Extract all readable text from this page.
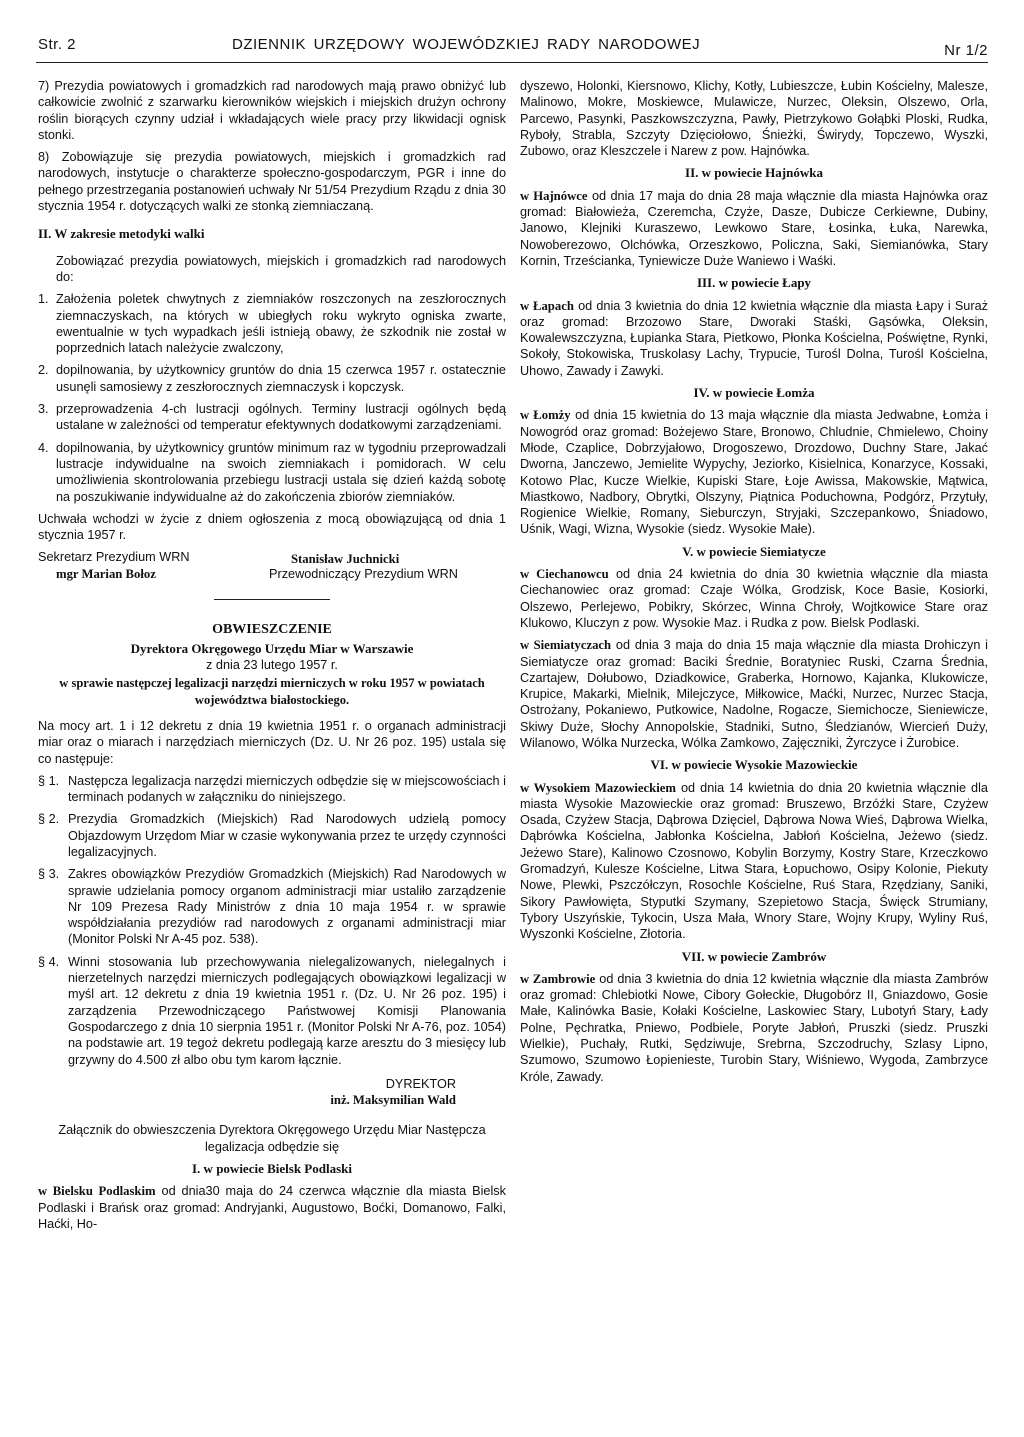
Str. 2	DZIENNIK URZĘDOWY WOJEWÓDZKIEJ RADY NARODOWEJ	Nr 1/2

7) Prezydia powiatowych i gromadzkich rad narodowych mają prawo obniżyć lub całkowicie zwolnić z szarwarku kierowników wiejskich i miejskich drużyn ochrony roślin biorących czynny udział i wkładających wiele pracy przy likwidacji ognisk stonki.

8) Zobowiązuje się prezydia powiatowych, miejskich i gromadzkich rad narodowych, instytucje o charakterze społeczno-gospodarczym, PGR i inne do pełnego przestrzegania postanowień uchwały Nr 51/54 Prezydium Rządu z dnia 30 stycznia 1954 r. dotyczących walki ze stonką ziemniaczaną.

II. W zakresie metodyki walki

Zobowiązać prezydia powiatowych, miejskich i gromadzkich rad narodowych do:

1. Założenia poletek chwytnych z ziemniaków roszczonych na zeszłorocznych ziemnaczyskach, na których w ubiegłych roku wykryto ogniska zwarte, ewentualnie w tych wypadkach jeśli istnieją obawy, że szkodnik nie został w poprzednich latach należycie zwalczony,

2. dopilnowania, by użytkownicy gruntów do dnia 15 czerwca 1957 r. ostatecznie usunęli samosiewy z zeszłorocznych ziemnaczysk i kopczysk.

3. przeprowadzenia 4-ch lustracji ogólnych. Terminy lustracji ogólnych będą ustalane w zależności od temperatur efektywnych dodatkowymi zarządzeniami.

4. dopilnowania, by użytkownicy gruntów minimum raz w tygodniu przeprowadzali lustracje indywidualne na swoich ziemniakach i pomidorach. W celu umożliwienia skontrolowania przebiegu lustracji ustala się dzień każdą sobotę na poszukiwanie indywidualne aż do zakończenia zbiorów ziemniaków.

Uchwała wchodzi w życie z dniem ogłoszenia z mocą obowiązującą od dnia 1 stycznia 1957 r.

Sekretarz Prezydium WRN
mgr Marian Bołoz
Stanisław Juchnicki
Przewodniczący Prezydium WRN
OBWIESZCZENIE
Dyrektora Okręgowego Urzędu Miar w Warszawie
z dnia 23 lutego 1957 r.
w sprawie następczej legalizacji narzędzi mierniczych w roku 1957 w powiatach województwa białostockiego.

Na mocy art. 1 i 12 dekretu z dnia 19 kwietnia 1951 r. o organach administracji miar oraz o miarach i narzędziach mierniczych (Dz. U. Nr 26 poz. 195) ustala się co następuje:

§ 1. Następcza legalizacja narzędzi mierniczych odbędzie się w miejscowościach i terminach podanych w załączniku do niniejszego.

§ 2. Prezydia Gromadzkich (Miejskich) Rad Narodowych udzielą pomocy Objazdowym Urzędom Miar w czasie wykonywania przez te urzędy czynności legalizacyjnych.

§ 3. Zakres obowiązków Prezydiów Gromadzkich (Miejskich) Rad Narodowych w sprawie udzielania pomocy organom administracji miar ustaliło zarządzenie Nr 109 Prezesa Rady Ministrów z dnia 10 maja 1954 r. w sprawie współdziałania prezydiów rad narodowych z organami administracji miar (Monitor Polski Nr A-45 poz. 538).

§ 4. Winni stosowania lub przechowywania nielegalizowanych, nielegalnych i nierzetelnych narzędzi mierniczych podlegających obowiązkowi legalizacji w myśl art. 12 dekretu z dnia 19 kwietnia 1951 r. (Dz. U. Nr 26 poz. 195) i zarządzenia Przewodniczącego Państwowej Komisji Planowania Gospodarczego z dnia 10 sierpnia 1951 r. (Monitor Polski Nr A-76, poz. 1054) na podstawie art. 19 tegoż dekretu podlegają karze aresztu do 3 miesięcy lub grzywny do 4.500 zł albo obu tym karom łącznie.

DYREKTOR
inż. Maksymilian Wald

Załącznik do obwieszczenia Dyrektora Okręgowego Urzędu Miar Następcza legalizacja odbędzie się

I. w powiecie Bielsk Podlaski

w Bielsku Podlaskim od dnia30 maja do 24 czerwca włącznie dla miasta Bielsk Podlaski i Brańsk oraz gromad: Andryjanki, Augustowo, Boćki, Domanowo, Falki, Haćki, Ho-

dyszewo, Holonki, Kiersnowo, Klichy, Kotły, Lubieszcze, Łubin Kościelny, Malesze, Malinowo, Mokre, Moskiewce, Mulawicze, Nurzec, Oleksin, Olszewo, Orla, Parcewo, Pasynki, Paszkowszczyzna, Pawły, Pietrzykowo Gołąbki Ploski, Rudka, Ryboły, Strabla, Szczyty Dzięciołowo, Śnieżki, Świrydy, Topczewo, Wyszki, Zubowo, oraz Kleszczele i Narew z pow. Hajnówka.

II. w powiecie Hajnówka

w Hajnówce od dnia 17 maja do dnia 28 maja włącznie dla miasta Hajnówka oraz gromad: Białowieża, Czeremcha, Czyże, Dasze, Dubicze Cerkiewne, Dubiny, Janowo, Klejniki Kuraszewo, Lewkowo Stare, Łosinka, Łuka, Narewka, Nowoberezowo, Olchówka, Orzeszkowo, Policzna, Saki, Siemianówka, Stary Kornin, Trześcianka, Tyniewicze Duże Waniewo i Waśki.

III. w powiecie Łapy

w Łapach od dnia 3 kwietnia do dnia 12 kwietnia włącznie dla miasta Łapy i Suraż oraz gromad: Brzozowo Stare, Dworaki Staśki, Gąsówka, Oleksin, Kowalewszczyzna, Łupianka Stara, Pietkowo, Płonka Kościelna, Poświętne, Rynki, Sokoły, Stokowiska, Truskolasy Lachy, Trypucie, Turośl Dolna, Turośl Kościelna, Uhowo, Zawady i Zawyki.

IV. w powiecie Łomża

w Łomży od dnia 15 kwietnia do 13 maja włącznie dla miasta Jedwabne, Łomża i Nowogród oraz gromad: Bożejewo Stare, Bronowo, Chludnie, Chmielewo, Choiny Młode, Czaplice, Dobrzyjałowo, Drogoszewo, Drozdowo, Duchny Stare, Jakać Dworna, Janczewo, Jemielite Wypychy, Jeziorko, Kisielnica, Konarzyce, Kossaki, Kotowo Plac, Kucze Wielkie, Kupiski Stare, Łoje Awissa, Makowskie, Mątwica, Miastkowo, Nadbory, Obrytki, Olszyny, Piątnica Poduchowna, Podgórz, Przytuły, Rogienice Wielkie, Romany, Sieburczyn, Stryjaki, Szczepankowo, Śniadowo, Uśnik, Wagi, Wizna, Wysokie (siedz. Wysokie Małe).

V. w powiecie Siemiatycze

w Ciechanowcu od dnia 24 kwietnia do dnia 30 kwietnia włącznie dla miasta Ciechanowiec oraz gromad: Czaje Wólka, Grodzisk, Koce Basie, Kosiorki, Olszewo, Perlejewo, Pobikry, Skórzec, Winna Chroły, Wojtkowice Stare oraz Klukowo, Kluczyn z pow. Wysokie Maz. i Rudka z pow. Bielsk Podlaski.

w Siemiatyczach od dnia 3 maja do dnia 15 maja włącznie dla miasta Drohiczyn i Siemiatycze oraz gromad: Baciki Średnie, Boratyniec Ruski, Czarna Średnia, Czartajew, Dołubowo, Dziadkowice, Graberka, Hornowo, Kajanka, Klukowicze, Krupice, Makarki, Mielnik, Milejczyce, Miłkowice, Maćki, Nurzec, Nurzec Stacja, Ostrożany, Pokaniewo, Putkowice, Nadolne, Rogacze, Siemichocze, Sieniewicze, Skiwy Duże, Słochy Annopolskie, Stadniki, Sutno, Śledzianów, Wiercień Duży, Wilanowo, Wólka Nurzecka, Wólka Zamkowo, Zajęczniki, Żyrczyce i Żurobice.

VI. w powiecie Wysokie Mazowieckie

w Wysokiem Mazowieckiem od dnia 14 kwietnia do dnia 20 kwietnia włącznie dla miasta Wysokie Mazowieckie oraz gromad: Bruszewo, Brzóźki Stare, Czyżew Osada, Czyżew Stacja, Dąbrowa Dzięciel, Dąbrowa Nowa Wieś, Dąbrowa Wielka, Dąbrówka Kościelna, Jabłonka Kościelna, Jabłoń Kościelna, Jeżewo (siedz. Jeżewo Stare), Kalinowo Czosnowo, Kobylin Borzymy, Kostry Stare, Krzeczkowo Gromadzyń, Kulesze Kościelne, Litwa Stara, Łopuchowo, Osipy Kolonie, Piekuty Nowe, Plewki, Pszczółczyn, Rosochle Kościelne, Ruś Stara, Rzędziany, Saniki, Sikory Pawłowięta, Styputki Szymany, Szepietowo Stacja, Święck Strumiany, Tybory Uszyńskie, Tykocin, Usza Mała, Wnory Stare, Wojny Krupy, Wyliny Ruś, Wyszonki Kościelne, Złotoria.

VII. w powiecie Zambrów

w Zambrowie od dnia 3 kwietnia do dnia 12 kwietnia włącznie dla miasta Zambrów oraz gromad: Chlebiotki Nowe, Cibory Gołeckie, Długobórz II, Gniazdowo, Gosie Małe, Kalinówka Basie, Kołaki Kościelne, Laskowiec Stary, Lubotyń Stary, Łady Polne, Pęchratka, Pniewo, Podbiele, Poryte Jabłoń, Pruszki (siedz. Pruszki Wielkie), Puchały, Rutki, Sędziwuje, Srebrna, Szczodruchy, Szlasy Lipno, Szumowo, Szumowo Łopienieste, Turobin Stary, Wiśniewo, Wygoda, Zambrzyce Króle, Zawady.
